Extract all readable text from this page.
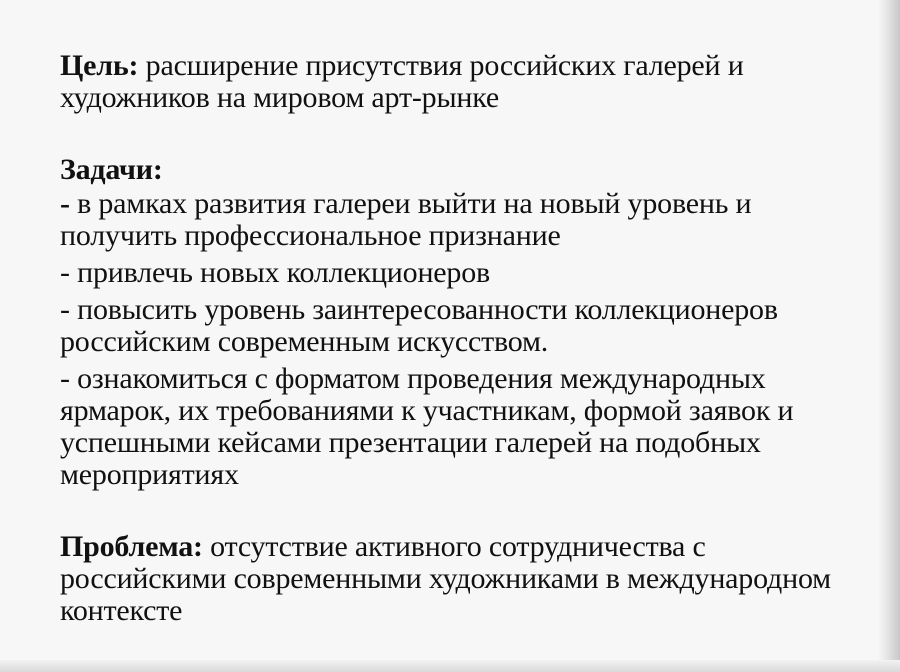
Цель: расширение присутствия российских галерей и художников на мировом арт-рынке

Задачи:

- в рамках развития галереи выйти на новый уровень и получить профессиональное признание

- привлечь новых коллекционеров

- повысить уровень заинтересованности коллекционеров российским современным искусством.

- ознакомиться с форматом проведения международных ярмарок, их требованиями к участникам, формой заявок и успешными кейсами презентации галерей на подобных мероприятиях

Проблема: отсутствие активного сотрудничества с российскими современными художниками в международном контексте
